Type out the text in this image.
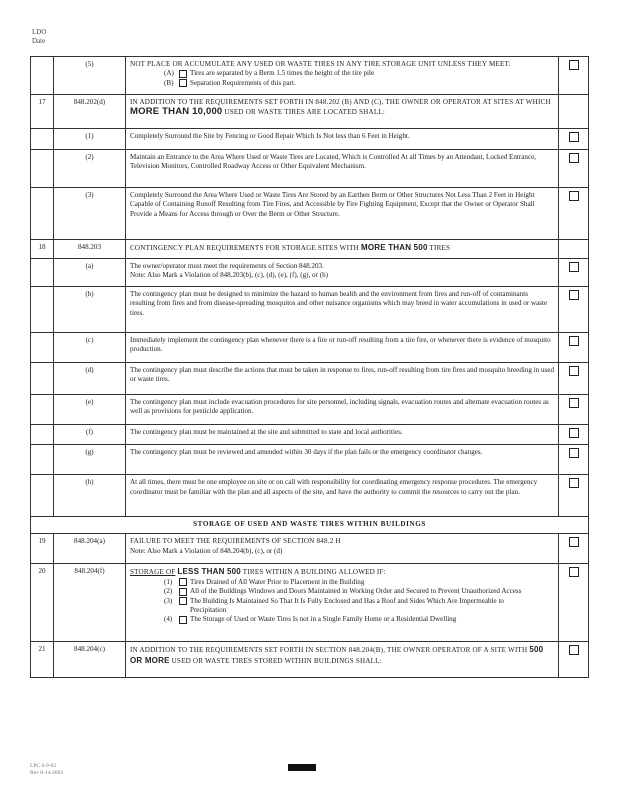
LDO
Date
	(5)	NOT PLACE OR ACCUMULATE ANY USED OR WASTE TIRES IN ANY TIRE STORAGE UNIT UNLESS THEY MEET:
(A) Tires are separated by a Berm 1.5 times the height of the tire pile
(B) Separation Requirements of this part.	

17	848.202(d)	IN ADDITION TO THE REQUIREMENTS SET FORTH IN 848.202 (B) AND (C), THE OWNER OR OPERATOR AT SITES AT WHICH MORE THAN 10,000 USED OR WASTE TIRES ARE LOCATED SHALL:	
	(1)	Completely Surround the Site by Fencing or Good Repair Which Is Not less than 6 Feet in Height.	
	(2)	Maintain an Entrance to the Area Where Used or Waste Tires are Located, Which is Controlled At all Times by an Attendant, Locked Entrance, Television Monitors, Controlled Roadway Access or Other Equivalent Mechanism.	
	(3)	Completely Surround the Area Where Used or Waste Tires Are Stored by an Earthen Berm or Other Structures Not Less Than 2 Feet in Height Capable of Containing Runoff Resulting from Tire Fires, and Accessible by Fire Fighting Equipment, Except that the Owner or Operator Shall Provide a Means for Access through or Over the Berm or Other Structure.	
18	848.203	CONTINGENCY PLAN REQUIREMENTS FOR STORAGE SITES WITH MORE THAN 500 TIRES	
	(a)	The owner/operator must meet the requirements of Section 848.203.
Note: Also Mark a Violation of 848.203(b), (c), (d), (e), (f), (g), or (h)	

	(b)	The contingency plan must be designed to minimize the hazard to human health and the environment from fires and run-off of contaminants resulting from fires and from disease-spreading mosquitos and other nuisance organisms which may breed in water accumulations in used or waste tires.	
	(c)	Immediately implement the contingency plan whenever there is a fire or run-off resulting from a tire fire, or whenever there is evidence of mosquito production.	
	(d)	The contingency plan must describe the actions that must be taken in response to fires, run-off resulting from tire fires and mosquito breeding in used or waste tires.	
	(e)	The contingency plan must include evacuation procedures for site personnel, including signals, evacuation routes and alternate evacuation routes as well as provisions for pesticide application.	
	(f)	The contingency plan must be maintained at the site and submitted to state and local authorities.	
	(g)	The contingency plan must be reviewed and amended within 30 days if the plan fails or the emergency coordinator changes.	
	(h)	At all times, there must be one employee on site or on call with responsibility for coordinating emergency response procedures. The emergency coordinator must be familiar with the plan and all aspects of the site, and have the authority to commit the resources to carry out the plan.	
STORAGE OF USED AND WASTE TIRES WITHIN BUILDINGS			
19	848.204(a)	FAILURE TO MEET THE REQUIREMENTS OF SECTION 848.2 H
Note: Also Mark a Violation of 848.204(b), (c), or (d)	

20	848.204(f)	STORAGE OF LESS THAN 500 TIRES WITHIN A BUILDING ALLOWED IF:
(1) Tires Drained of All Water Prior to Placement in the Building
(2) All of the Buildings Windows and Doors Maintained in Working Order and Secured to Prevent Unauthorized Access
(3) The Building Is Maintained So That It Is Fully Enclosed and Has a Roof and Sides Which Are Impermeable to Precipitation
(4) The Storage of Used or Waste Tires Is not in a Single Family Home or a Residential Dwelling	

21	848.204(c)	IN ADDITION TO THE REQUIREMENTS SET FORTH IN SECTION 848.204(B), THE OWNER OPERATOR OF A SITE WITH 500 OR MORE USED OR WASTE TIRES STORED WITHIN BUILDINGS SHALL:	
LPC 6-9-02
Rev 8-14-2003
